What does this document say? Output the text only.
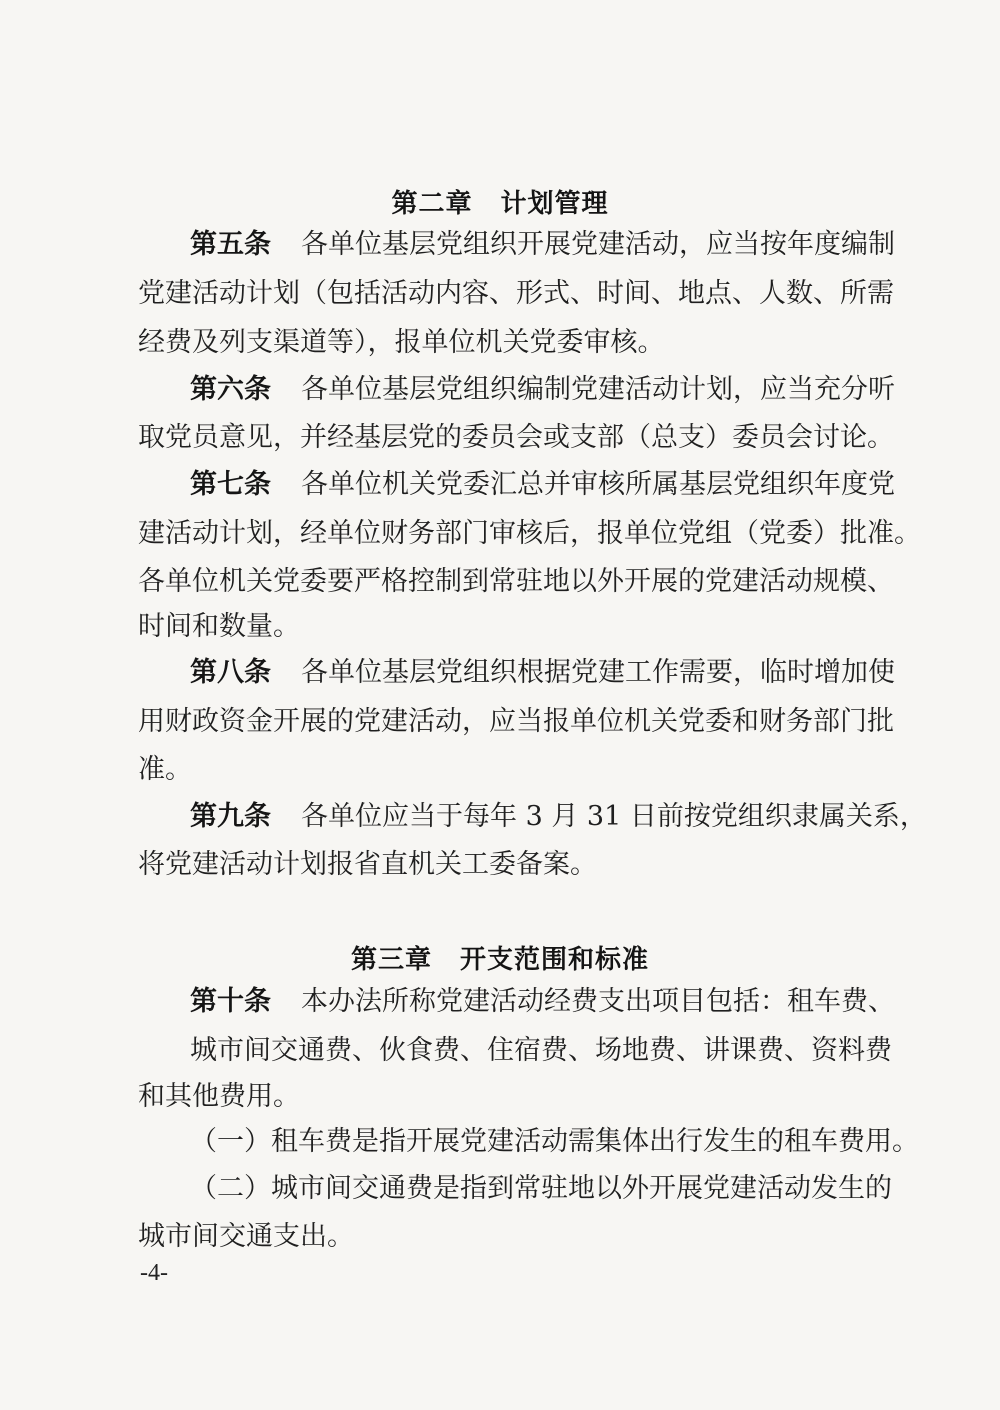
第二章 计划管理
第五条 各单位基层党组织开展党建活动，应当按年度编制
党建活动计划（包括活动内容、形式、时间、地点、人数、所需
经费及列支渠道等），报单位机关党委审核。
第六条 各单位基层党组织编制党建活动计划，应当充分听
取党员意见，并经基层党的委员会或支部（总支）委员会讨论。
第七条 各单位机关党委汇总并审核所属基层党组织年度党
建活动计划，经单位财务部门审核后，报单位党组（党委）批准。
各单位机关党委要严格控制到常驻地以外开展的党建活动规模、
时间和数量。
第八条 各单位基层党组织根据党建工作需要，临时增加使
用财政资金开展的党建活动，应当报单位机关党委和财务部门批
准。
第九条 各单位应当于每年 3 月 31 日前按党组织隶属关系，
将党建活动计划报省直机关工委备案。
第三章 开支范围和标准
第十条 本办法所称党建活动经费支出项目包括：租车费、
城市间交通费、伙食费、住宿费、场地费、讲课费、资料费
和其他费用。
（一）租车费是指开展党建活动需集体出行发生的租车费用。
（二）城市间交通费是指到常驻地以外开展党建活动发生的
城市间交通支出。
-4-
